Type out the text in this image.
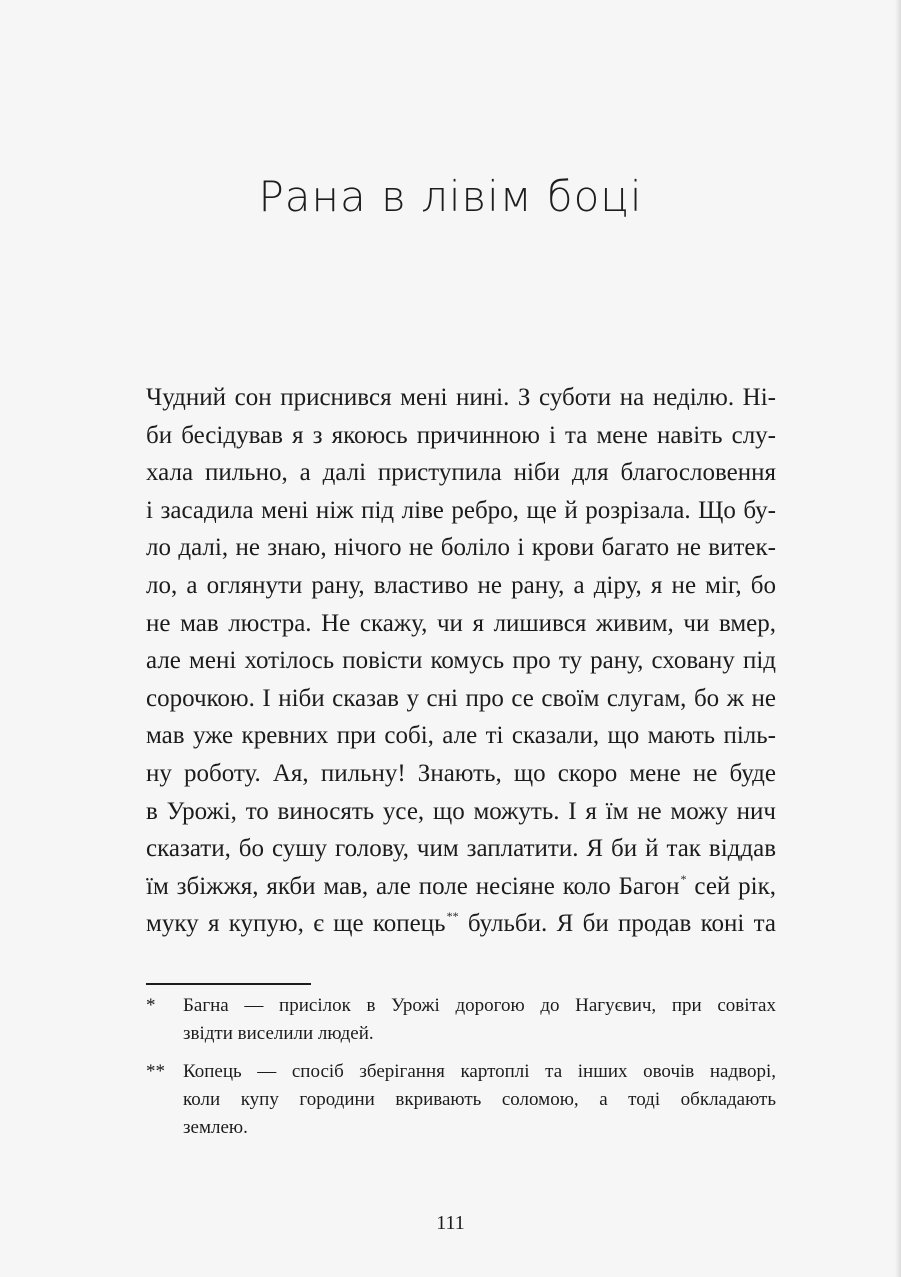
Рана в лівім боці
Чудний сон приснився мені нині. З суботи на неділю. Ні-
би бесідував я з якоюсь причинною і та мене навіть слу-
хала пильно, а далі приступила ніби для благословення
і засадила мені ніж під ліве ребро, ще й розрізала. Що бу-
ло далі, не знаю, нічого не боліло і крови багато не витек-
ло, а оглянути рану, властиво не рану, а діру, я не міг, бо
не мав люстра. Не скажу, чи я лишився живим, чи вмер,
але мені хотілось повісти комусь про ту рану, сховану під
сорочкою. І ніби сказав у сні про се своїм слугам, бо ж не
мав уже кревних при собі, але ті сказали, що мають піль-
ну роботу. Ая, пильну! Знають, що скоро мене не буде
в Урожі, то виносять усе, що можуть. І я їм не можу нич
сказати, бо сушу голову, чим заплатити. Я би й так віддав
їм збіжжя, якби мав, але поле несіяне коло Багон* сей рік,
муку я купую, є ще копець** бульби. Я би продав коні та
* Багна — присілок в Урожі дорогою до Нагуєвич, при совітах
звідти виселили людей.
** Копець — спосіб зберігання картоплі та інших овочів надворі,
коли купу городини вкривають соломою, а тоді обкладають
землею.
111
